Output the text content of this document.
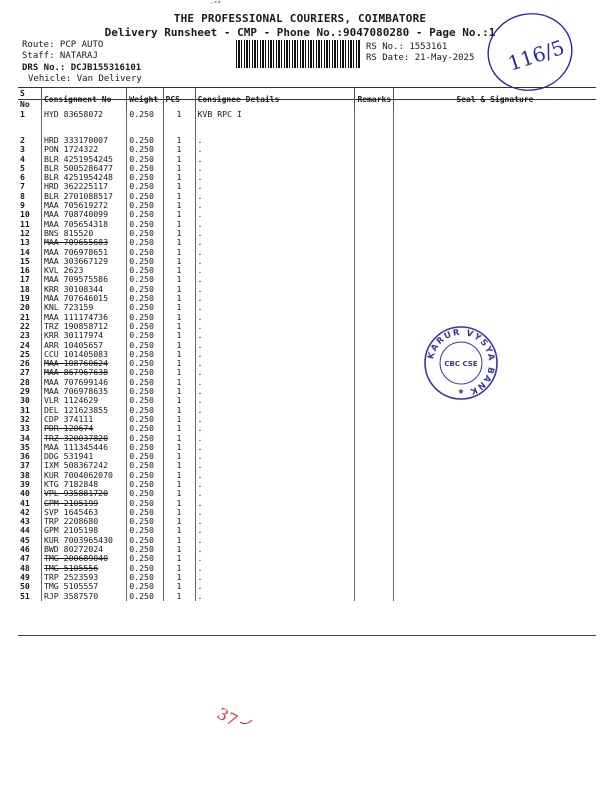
·ᵃᵈ
THE PROFESSIONAL COURIERS, COIMBATORE
Delivery Runsheet - CMP - Phone No.:9047080280 - Page No.:1
Route: PCP AUTO
Staff: NATARAJ
DRS No.: DCJB155316101
Vehicle: Van Delivery
RS No.: 1553161
RS Date: 21-May-2025 116/5
S No	Consignment No	Weight	PCS	Consignee Details	Remarks	Seal & Signature
1	HYD 83658072	0.250	1	KVB RPC I		
2	HRD 333170007	0.250	1	.		
3	PON 1724322	0.250	1	.		
4	BLR 4251954245	0.250	1	.		
5	BLR 5005286477	0.250	1	.		
6	BLR 4251954248	0.250	1	.		
7	HRD 362225117	0.250	1	.		
8	BLR 2701088517	0.250	1	.		
9	MAA 705619272	0.250	1	.		
10	MAA 708740099	0.250	1	.		
11	MAA 705654318	0.250	1	.		
12	BNS 815520	0.250	1	.		
13	MAA 709655683	0.250	1	.		
14	MAA 706978651	0.250	1	.		
15	MAA 303667129	0.250	1	.		
16	KVL 2623	0.250	1	.		
17	MAA 709575586	0.250	1	.		
18	KRR 30108344	0.250	1	.		
19	MAA 707646015	0.250	1	.		
20	KNL 723159	0.250	1	.		
21	MAA 111174736	0.250	1	.		
22	TRZ 190858712	0.250	1	.		
23	KRR 30117974	0.250	1	.		
24	ARR 10405657	0.250	1	.		
25	CCU 101405083	0.250	1	.		
26	MAA 108760624	0.250	1	.		
27	MAA 867967638	0.250	1	.		
28	MAA 707699146	0.250	1	.		
29	MAA 706978635	0.250	1	.		
30	VLR 1124629	0.250	1	.		
31	DEL 121623855	0.250	1	.		
32	CDP 374111	0.250	1	.		
33	PDR 120674	0.250	1	.		
34	TRZ 320037820	0.250	1	.		
35	MAA 111345446	0.250	1	.		
36	DDG 531941	0.250	1	.		
37	IXM 508367242	0.250	1	.		
38	KUR 7004062070	0.250	1	.		
39	KTG 7182848	0.250	1	.		
40	VPL 935881720	0.250	1	.		
41	GPM 2105199	0.250	1	.		
42	SVP 1645463	0.250	1	.		
43	TRP 2208680	0.250	1	.		
44	GPM 2105198	0.250	1	.		
45	KUR 7003965430	0.250	1	.		
46	BWD 80272024	0.250	1	.		
47	TMG 200689040	0.250	1	.		
48	TMG 5105556	0.250	1	.		
49	TRP 2523593	0.250	1	.		
50	TMG 5105557	0.250	1	.		
51	RJP 3587570	0.250	1	.		
KARUR VYSYA BANK
CBC CSE
★
37
